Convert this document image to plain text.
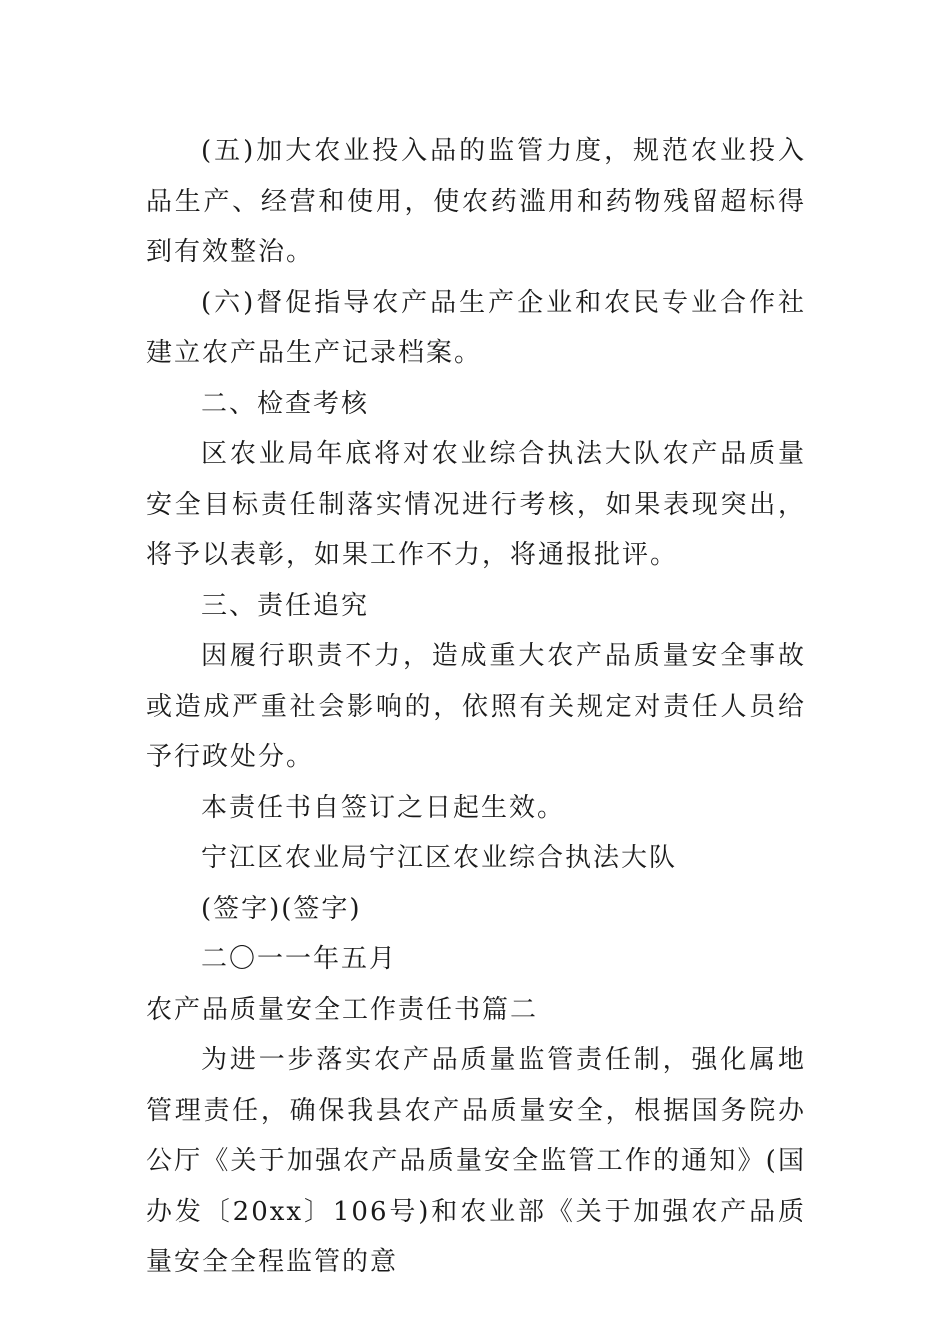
(五)加大农业投入品的监管力度，规范农业投入品生产、经营和使用，使农药滥用和药物残留超标得到有效整治。

(六)督促指导农产品生产企业和农民专业合作社建立农产品生产记录档案。

二、检查考核

区农业局年底将对农业综合执法大队农产品质量安全目标责任制落实情况进行考核，如果表现突出，将予以表彰，如果工作不力，将通报批评。

三、责任追究

因履行职责不力，造成重大农产品质量安全事故或造成严重社会影响的，依照有关规定对责任人员给予行政处分。

本责任书自签订之日起生效。

宁江区农业局宁江区农业综合执法大队

(签字)(签字)

二〇一一年五月

农产品质量安全工作责任书篇二

为进一步落实农产品质量监管责任制，强化属地管理责任，确保我县农产品质量安全，根据国务院办公厅《关于加强农产品质量安全监管工作的通知》(国办发〔20xx〕106号)和农业部《关于加强农产品质量安全全程监管的意
